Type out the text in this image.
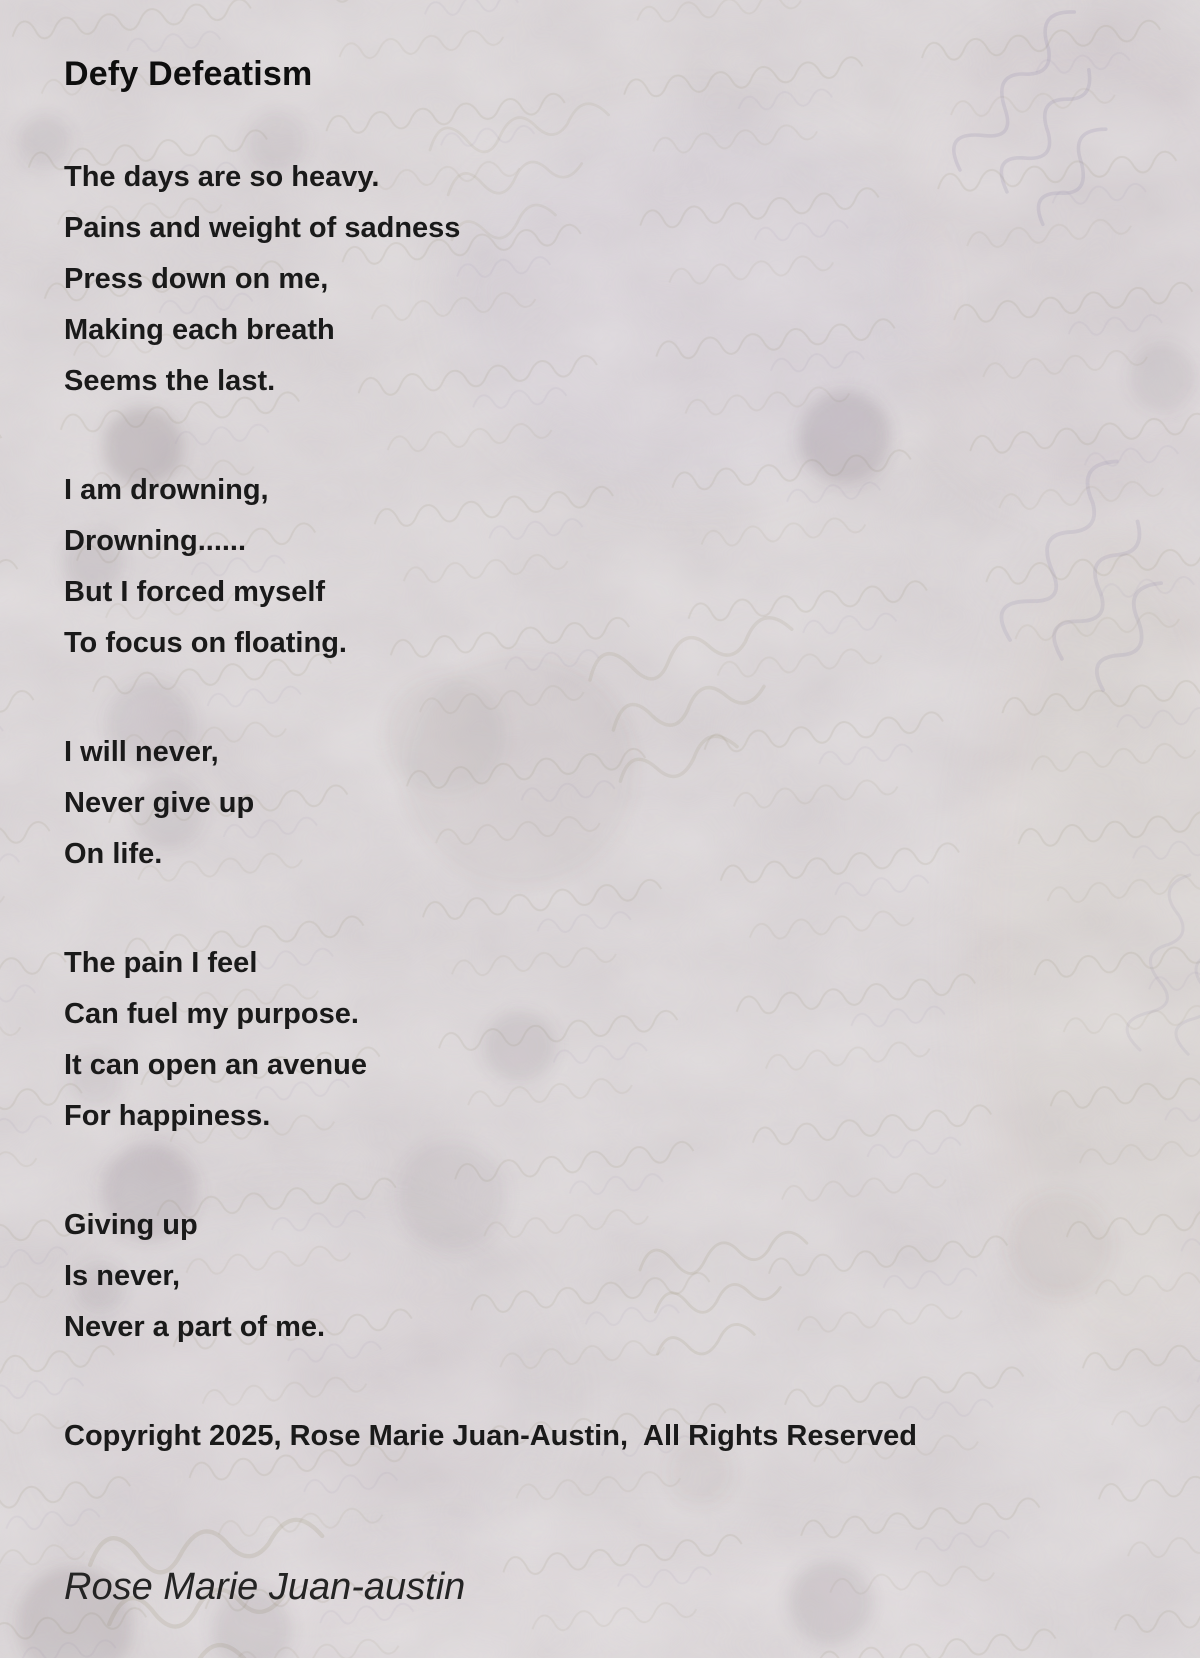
Defy Defeatism
The days are so heavy.
Pains and weight of sadness
Press down on me,
Making each breath
Seems the last.
I am drowning,
Drowning......
But I forced myself
To focus on floating.
I will never,
Never give up
On life.
The pain I feel
Can fuel my purpose.
It can open an avenue
For happiness.
Giving up
Is never,
Never a part of me.
Copyright 2025, Rose Marie Juan-Austin,  All Rights Reserved
Rose Marie Juan-austin
